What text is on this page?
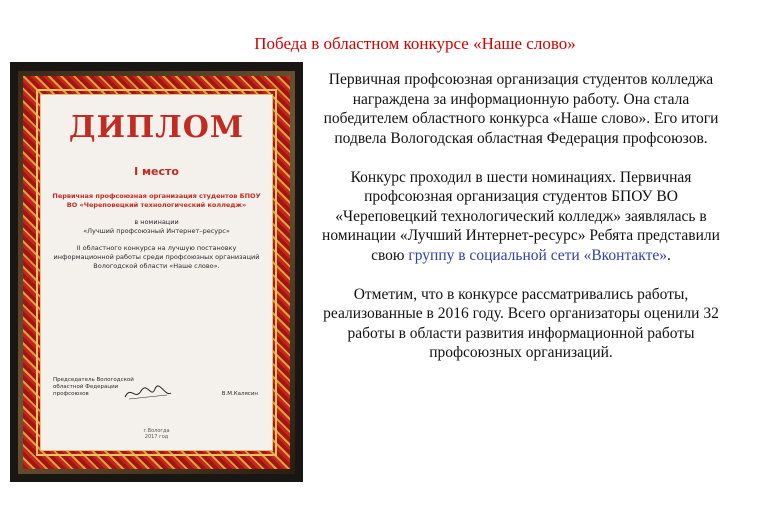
Победа в областном конкурсе «Наше слово»
ДИПЛОМ
I место
Первичная профсоюзная организация студентов БПОУ ВО «Череповецкий технологический колледж»
в номинации
«Лучший профсоюзный Интернет–ресурс»
II областного конкурса на лучшую постановку информационной работы среди профсоюзных организаций Вологодской области «Наше слово».
Председатель Вологодской областной Федерации профсоюзов	В.М.Калясин
г.Вологда
2017 год

Первичная профсоюзная организация студентов колледжа награждена за информационную работу. Она стала победителем областного конкурса «Наше слово». Его итоги подвела Вологодская областная Федерация профсоюзов.

Конкурс проходил в шести номинациях. Первичная профсоюзная организация студентов БПОУ ВО «Череповецкий технологический колледж» заявлялась в номинации «Лучший Интернет-ресурс» Ребята представили свою группу в социальной сети «Вконтакте».

Отметим, что в конкурсе рассматривались работы, реализованные в 2016 году. Всего организаторы оценили 32 работы в области развития информационной работы профсоюзных организаций.
